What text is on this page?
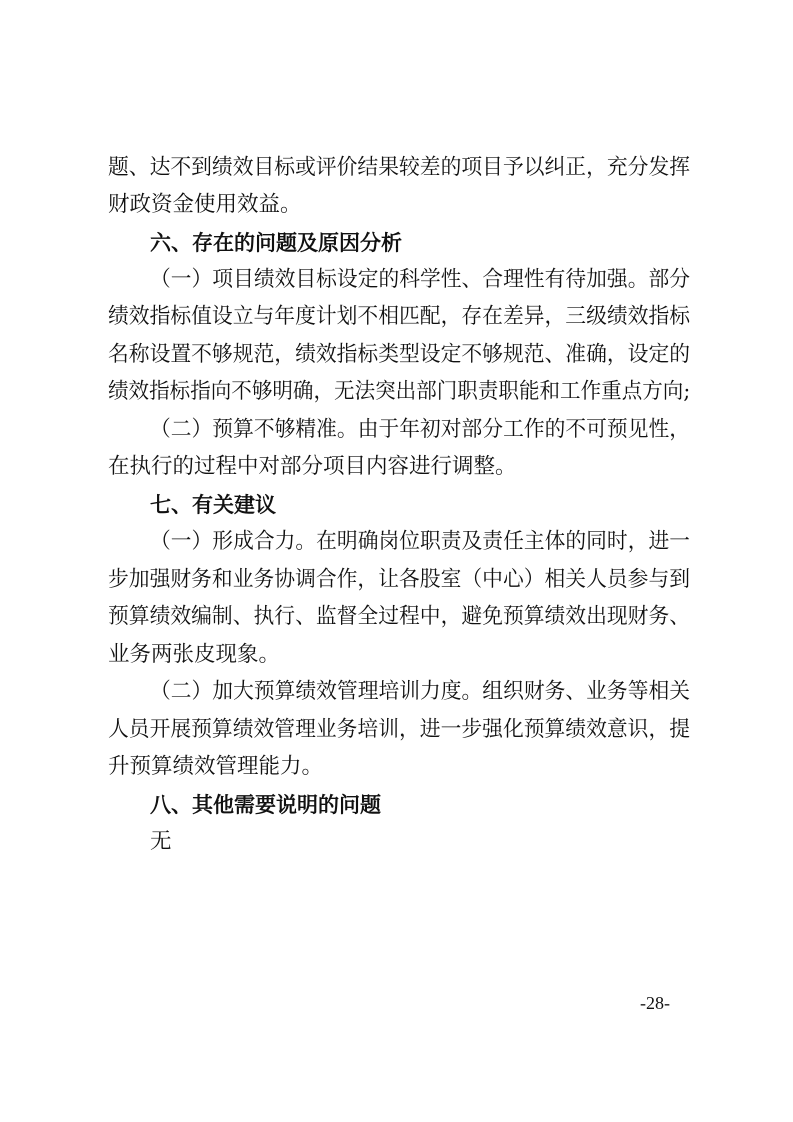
题、达不到绩效目标或评价结果较差的项目予以纠正，充分发挥
财政资金使用效益。
六、存在的问题及原因分析
（一）项目绩效目标设定的科学性、合理性有待加强。部分
绩效指标值设立与年度计划不相匹配，存在差异，三级绩效指标
名称设置不够规范，绩效指标类型设定不够规范、准确，设定的
绩效指标指向不够明确，无法突出部门职责职能和工作重点方向;
（二）预算不够精准。由于年初对部分工作的不可预见性，
在执行的过程中对部分项目内容进行调整。
七、有关建议
（一）形成合力。在明确岗位职责及责任主体的同时，进一
步加强财务和业务协调合作，让各股室（中心）相关人员参与到
预算绩效编制、执行、监督全过程中，避免预算绩效出现财务、
业务两张皮现象。
（二）加大预算绩效管理培训力度。组织财务、业务等相关
人员开展预算绩效管理业务培训，进一步强化预算绩效意识，提
升预算绩效管理能力。
八、其他需要说明的问题
无
-28-
